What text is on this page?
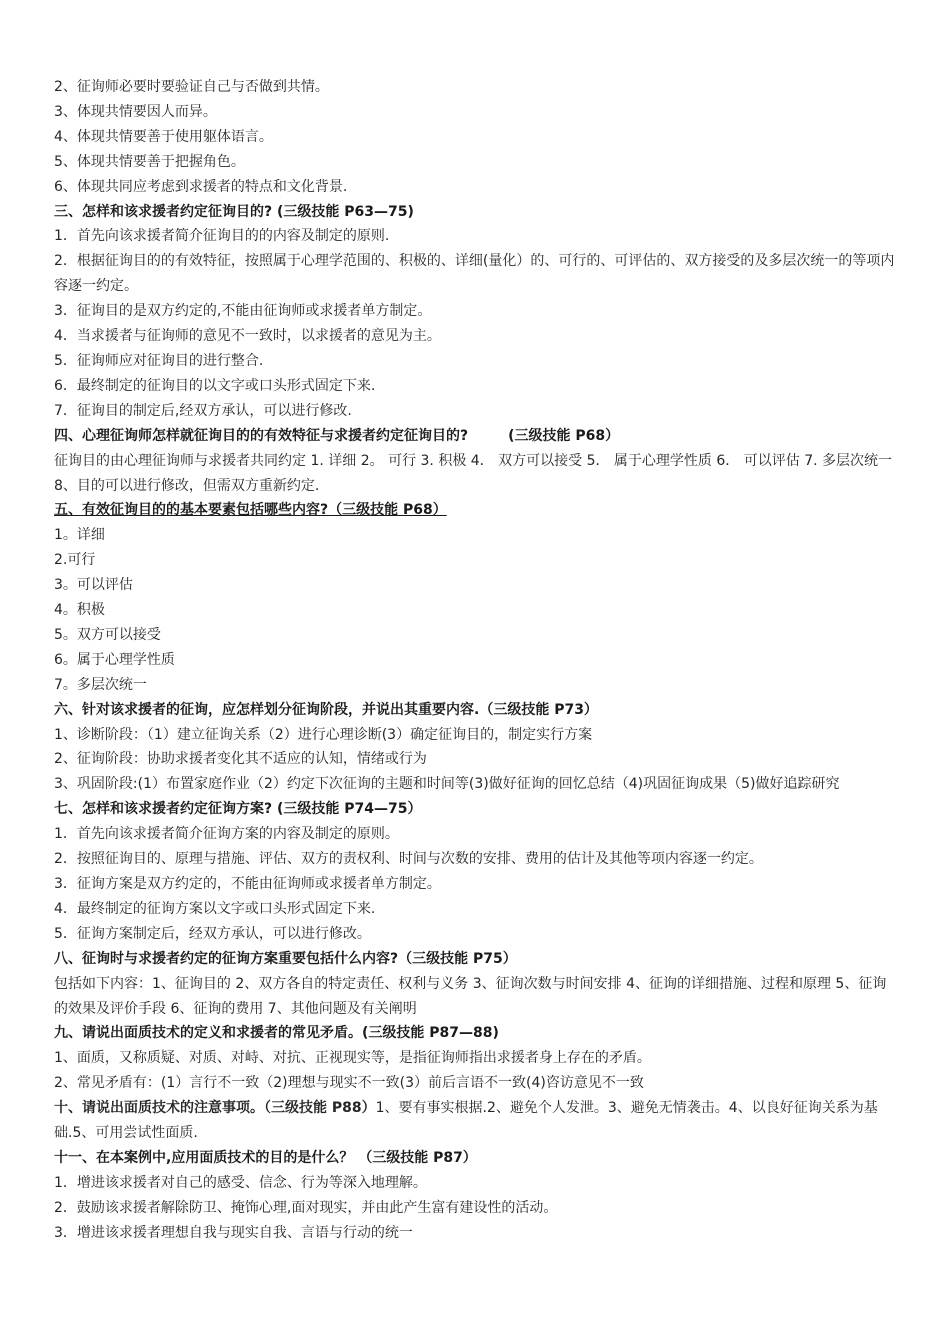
2、征询师必要时要验证自己与否做到共情。
3、体现共情要因人而异。
4、体现共情要善于使用躯体语言。
5、体现共情要善于把握角色。
6、体现共同应考虑到求援者的特点和文化背景.
三、怎样和该求援者约定征询目的? (三级技能 P63—75)
1．首先向该求援者简介征询目的的内容及制定的原则.
2．根据征询目的的有效特征，按照属于心理学范围的、积极的、详细(量化）的、可行的、可评估的、双方接受的及多层次统一的等项内容逐一约定。
3．征询目的是双方约定的,不能由征询师或求援者单方制定。
4．当求援者与征询师的意见不一致时，以求援者的意见为主。
5．征询师应对征询目的进行整合.
6．最终制定的征询目的以文字或口头形式固定下来.
7．征询目的制定后,经双方承认，可以进行修改.
四、心理征询师怎样就征询目的的有效特征与求援者约定征询目的?	(三级技能 P68）
征询目的由心理征询师与求援者共同约定 1. 详细 2。 可行 3. 积极 4． 双方可以接受 5． 属于心理学性质 6． 可以评估 7. 多层次统一 8、目的可以进行修改，但需双方重新约定.
五、有效征询目的的基本要素包括哪些内容?（三级技能 P68）
1。详细
2.可行
3。可以评估
4。积极
5。双方可以接受
6。属于心理学性质
7。多层次统一
六、针对该求援者的征询，应怎样划分征询阶段，并说出其重要内容.（三级技能 P73）
1、诊断阶段：（1）建立征询关系（2）进行心理诊断(3）确定征询目的，制定实行方案
2、征询阶段：协助求援者变化其不适应的认知，情绪或行为
3、巩固阶段:(1）布置家庭作业（2）约定下次征询的主题和时间等(3)做好征询的回忆总结（4)巩固征询成果（5)做好追踪研究
七、怎样和该求援者约定征询方案? (三级技能 P74—75）
1．首先向该求援者简介征询方案的内容及制定的原则。
2．按照征询目的、原理与措施、评估、双方的责权利、时间与次数的安排、费用的估计及其他等项内容逐一约定。
3．征询方案是双方约定的，不能由征询师或求援者单方制定。
4．最终制定的征询方案以文字或口头形式固定下来.
5．征询方案制定后，经双方承认，可以进行修改。
八、征询时与求援者约定的征询方案重要包括什么内容?（三级技能 P75）
包括如下内容：1、征询目的 2、双方各自的特定责任、权利与义务 3、征询次数与时间安排 4、征询的详细措施、过程和原理 5、征询的效果及评价手段 6、征询的费用 7、其他问题及有关阐明
九、请说出面质技术的定义和求援者的常见矛盾。(三级技能 P87—88)
1、面质，又称质疑、对质、对峙、对抗、正视现实等，是指征询师指出求援者身上存在的矛盾。
2、常见矛盾有：(1）言行不一致（2)理想与现实不一致(3）前后言语不一致(4)咨访意见不一致
十、请说出面质技术的注意事项。（三级技能 P88）1、要有事实根据.2、避免个人发泄。3、避免无情袭击。4、以良好征询关系为基础.5、可用尝试性面质.
十一、在本案例中,应用面质技术的目的是什么？ （三级技能 P87）
1．增进该求援者对自己的感受、信念、行为等深入地理解。
2．鼓励该求援者解除防卫、掩饰心理,面对现实，并由此产生富有建设性的活动。
3．增进该求援者理想自我与现实自我、言语与行动的统一
